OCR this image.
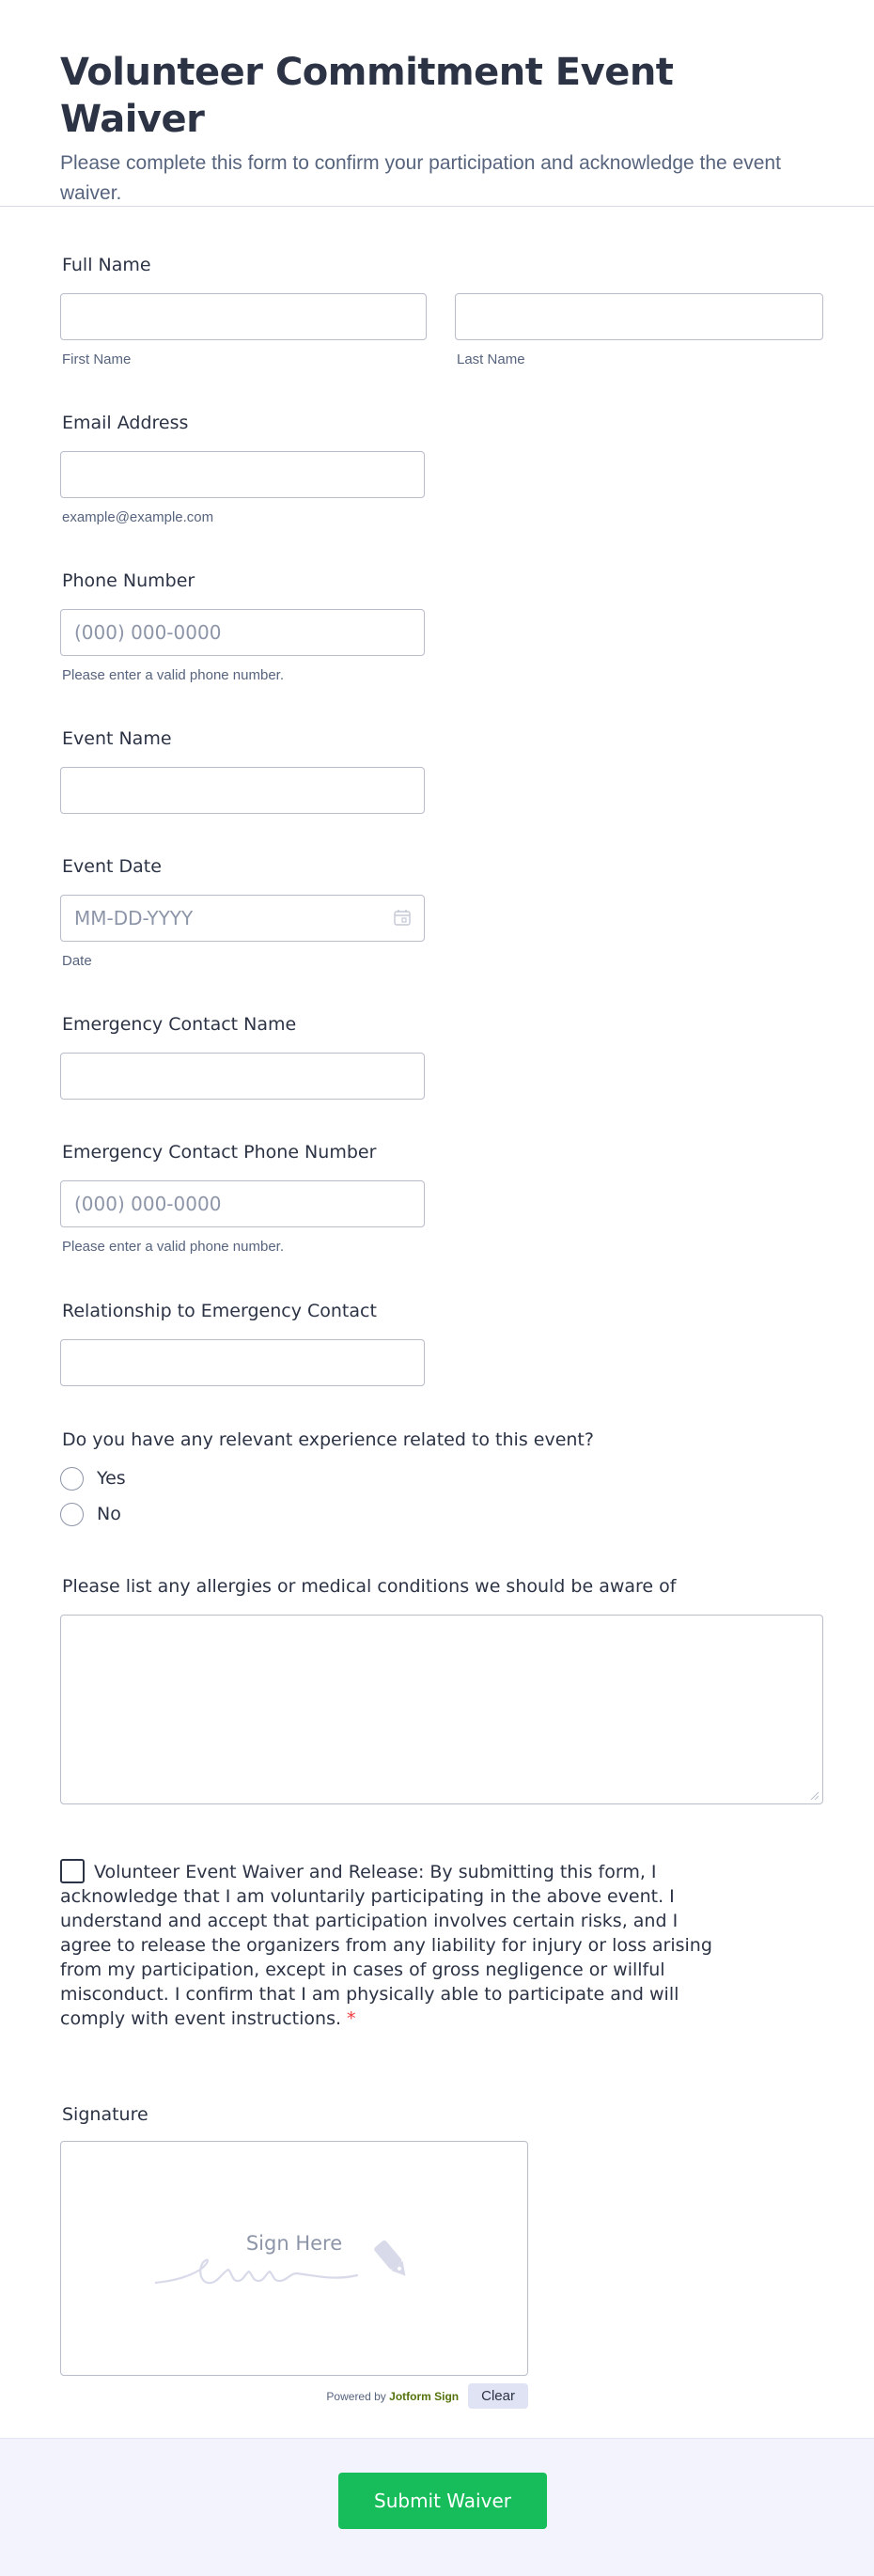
Volunteer Commitment Event Waiver

Please complete this form to confirm your participation and acknowledge the event waiver.

Full Name
First Name	Last Name
Email Address
example@example.com
Phone Number
(000) 000-0000
Please enter a valid phone number.
Event Name
Event Date
MM-DD-YYYY
Date
Emergency Contact Name
Emergency Contact Phone Number
(000) 000-0000
Please enter a valid phone number.
Relationship to Emergency Contact
Do you have any relevant experience related to this event?
Yes
No
Please list any allergies or medical conditions we should be aware of
Volunteer Event Waiver and Release: By submitting this form, I acknowledge that I am voluntarily participating in the above event. I understand and accept that participation involves certain risks, and I agree to release the organizers from any liability for injury or loss arising from my participation, except in cases of gross negligence or willful misconduct. I confirm that I am physically able to participate and will comply with event instructions. *
Signature
Sign Here
Powered by Jotform Sign	Clear
Submit Waiver
